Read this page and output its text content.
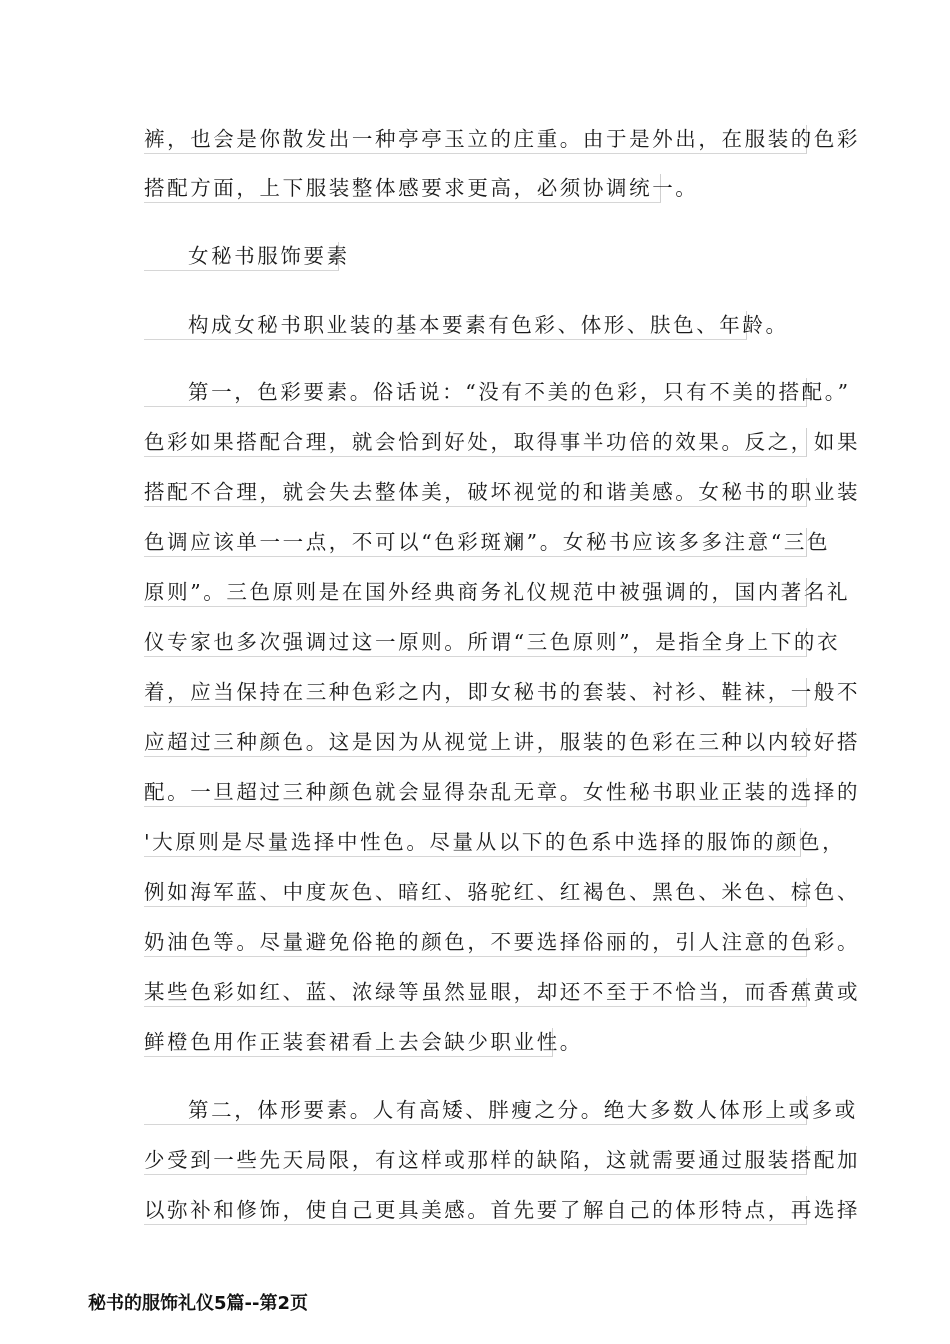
裤，也会是你散发出一种亭亭玉立的庄重。由于是外出，在服装的色彩
搭配方面，上下服装整体感要求更高，必须协调统一。
女秘书服饰要素
构成女秘书职业装的基本要素有色彩、体形、肤色、年龄。
第一，色彩要素。俗话说：“没有不美的色彩，只有不美的搭配。”
色彩如果搭配合理，就会恰到好处，取得事半功倍的效果。反之，如果
搭配不合理，就会失去整体美，破坏视觉的和谐美感。女秘书的职业装
色调应该单一一点，不可以“色彩斑斓”。女秘书应该多多注意“三色
原则”。三色原则是在国外经典商务礼仪规范中被强调的，国内著名礼
仪专家也多次强调过这一原则。所谓“三色原则”，是指全身上下的衣
着，应当保持在三种色彩之内，即女秘书的套装、衬衫、鞋袜，一般不
应超过三种颜色。这是因为从视觉上讲，服装的色彩在三种以内较好搭
配。一旦超过三种颜色就会显得杂乱无章。女性秘书职业正装的选择的
'大原则是尽量选择中性色。尽量从以下的色系中选择的服饰的颜色，
例如海军蓝、中度灰色、暗红、骆驼红、红褐色、黑色、米色、棕色、
奶油色等。尽量避免俗艳的颜色，不要选择俗丽的，引人注意的色彩。
某些色彩如红、蓝、浓绿等虽然显眼，却还不至于不恰当，而香蕉黄或
鲜橙色用作正装套裙看上去会缺少职业性。
第二，体形要素。人有高矮、胖瘦之分。绝大多数人体形上或多或
少受到一些先天局限，有这样或那样的缺陷，这就需要通过服装搭配加
以弥补和修饰，使自己更具美感。首先要了解自己的体形特点，再选择
秘书的服饰礼仪5篇--第2页
